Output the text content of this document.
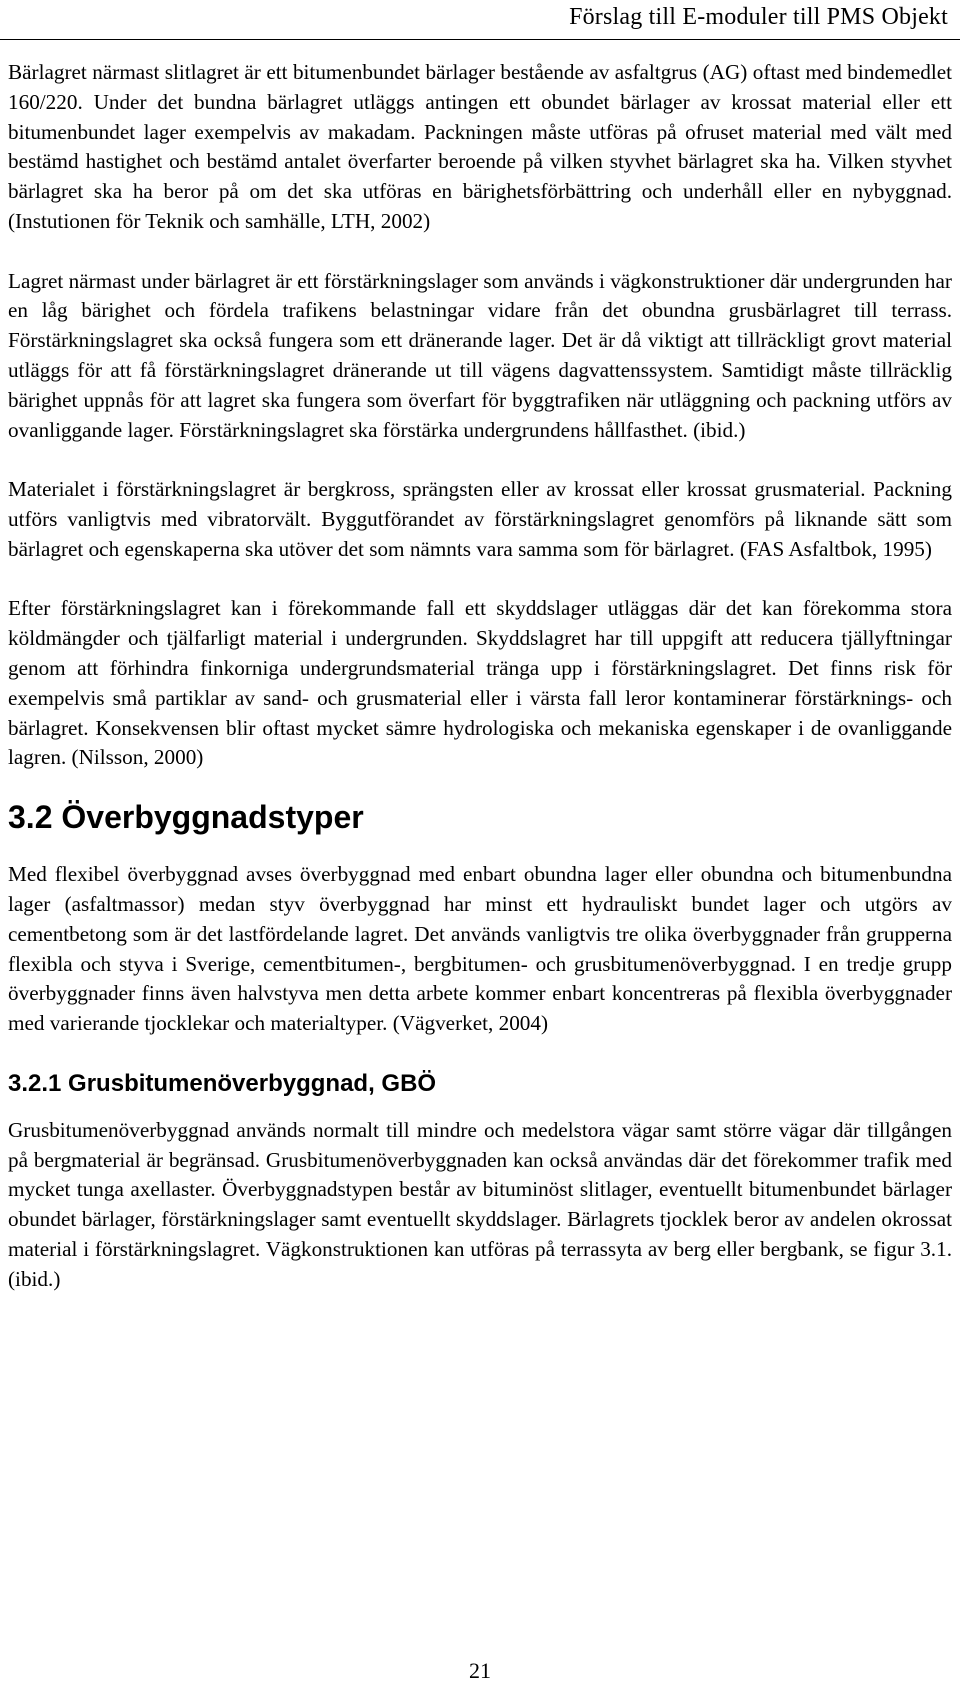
Förslag till E-moduler till PMS Objekt

Bärlagret närmast slitlagret är ett bitumenbundet bärlager bestående av asfaltgrus (AG) oftast med bindemedlet 160/220. Under det bundna bärlagret utläggs antingen ett obundet bärlager av krossat material eller ett bitumenbundet lager exempelvis av makadam. Packningen måste utföras på ofruset material med vält med bestämd hastighet och bestämd antalet överfarter beroende på vilken styvhet bärlagret ska ha. Vilken styvhet bärlagret ska ha beror på om det ska utföras en bärighetsförbättring och underhåll eller en nybyggnad. (Instutionen för Teknik och samhälle, LTH, 2002)

Lagret närmast under bärlagret är ett förstärkningslager som används i vägkonstruktioner där undergrunden har en låg bärighet och fördela trafikens belastningar vidare från det obundna grusbärlagret till terrass. Förstärkningslagret ska också fungera som ett dränerande lager. Det är då viktigt att tillräckligt grovt material utläggs för att få förstärkningslagret dränerande ut till vägens dagvattenssystem. Samtidigt måste tillräcklig bärighet uppnås för att lagret ska fungera som överfart för byggtrafiken när utläggning och packning utförs av ovanliggande lager. Förstärkningslagret ska förstärka undergrundens hållfasthet. (ibid.)

Materialet i förstärkningslagret är bergkross, sprängsten eller av krossat eller krossat grusmaterial. Packning utförs vanligtvis med vibratorvält. Byggutförandet av förstärkningslagret genomförs på liknande sätt som bärlagret och egenskaperna ska utöver det som nämnts vara samma som för bärlagret. (FAS Asfaltbok, 1995)

Efter förstärkningslagret kan i förekommande fall ett skyddslager utläggas där det kan förekomma stora köldmängder och tjälfarligt material i undergrunden. Skyddslagret har till uppgift att reducera tjällyftningar genom att förhindra finkorniga undergrundsmaterial tränga upp i förstärkningslagret. Det finns risk för exempelvis små partiklar av sand- och grusmaterial eller i värsta fall leror kontaminerar förstärknings- och bärlagret. Konsekvensen blir oftast mycket sämre hydrologiska och mekaniska egenskaper i de ovanliggande lagren. (Nilsson, 2000)

3.2 Överbyggnadstyper

Med flexibel överbyggnad avses överbyggnad med enbart obundna lager eller obundna och bitumenbundna lager (asfaltmassor) medan styv överbyggnad har minst ett hydrauliskt bundet lager och utgörs av cementbetong som är det lastfördelande lagret. Det används vanligtvis tre olika överbyggnader från grupperna flexibla och styva i Sverige, cementbitumen-, bergbitumen- och grusbitumenöverbyggnad. I en tredje grupp överbyggnader finns även halvstyva men detta arbete kommer enbart koncentreras på flexibla överbyggnader med varierande tjocklekar och materialtyper. (Vägverket, 2004)

3.2.1 Grusbitumenöverbyggnad, GBÖ

Grusbitumenöverbyggnad används normalt till mindre och medelstora vägar samt större vägar där tillgången på bergmaterial är begränsad. Grusbitumenöverbyggnaden kan också användas där det förekommer trafik med mycket tunga axellaster. Överbyggnadstypen består av bituminöst slitlager, eventuellt bitumenbundet bärlager obundet bärlager, förstärkningslager samt eventuellt skyddslager. Bärlagrets tjocklek beror av andelen okrossat material i förstärkningslagret. Vägkonstruktionen kan utföras på terrassyta av berg eller bergbank, se figur 3.1. (ibid.)

21
